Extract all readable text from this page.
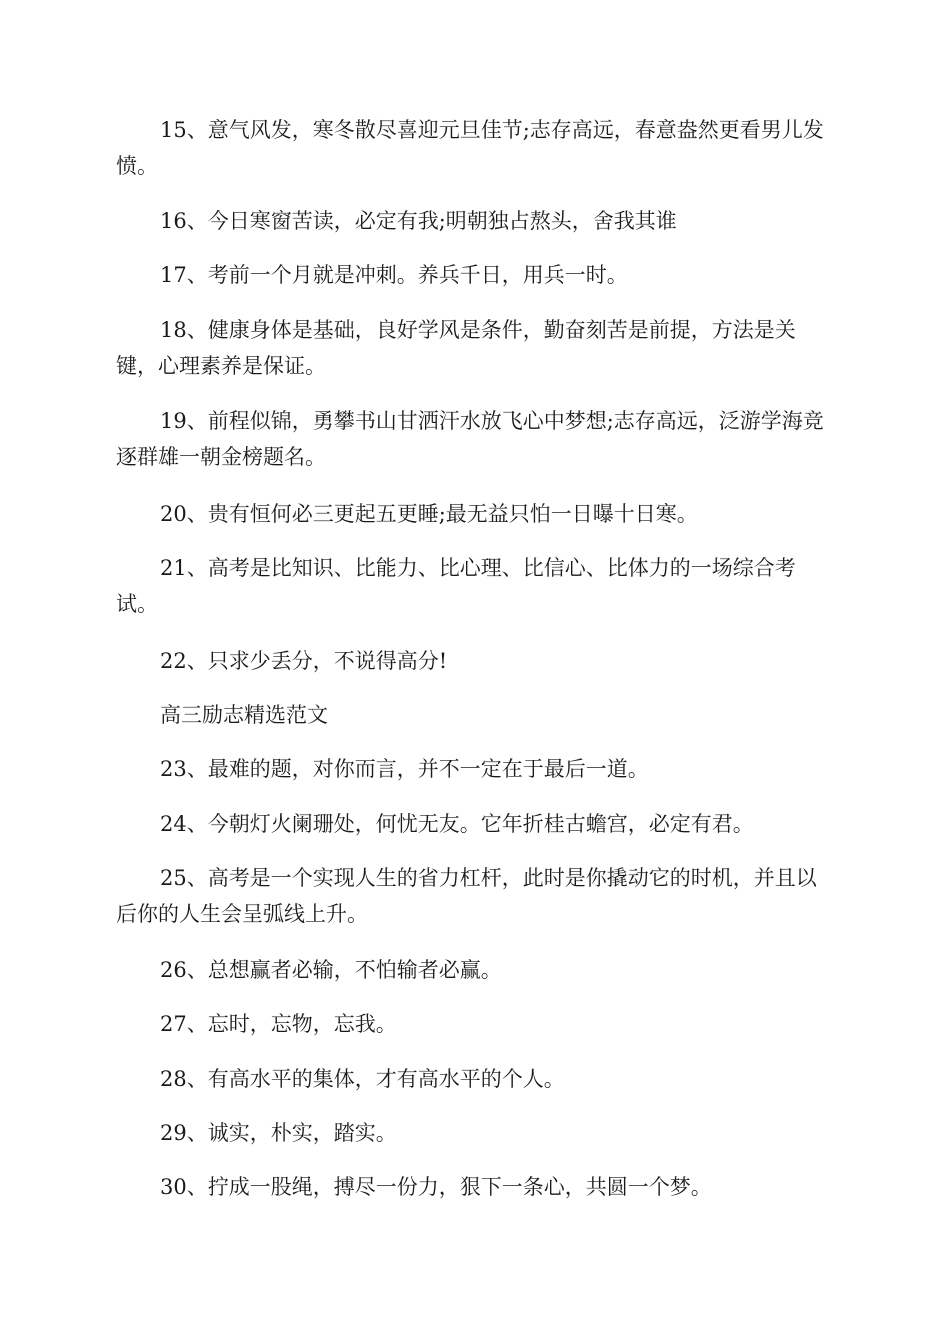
15、意气风发，寒冬散尽喜迎元旦佳节;志存高远，春意盎然更看男儿发愤。

16、今日寒窗苦读，必定有我;明朝独占熬头，舍我其谁

17、考前一个月就是冲刺。养兵千日，用兵一时。

18、健康身体是基础，良好学风是条件，勤奋刻苦是前提，方法是关键，心理素养是保证。

19、前程似锦，勇攀书山甘洒汗水放飞心中梦想;志存高远，泛游学海竞逐群雄一朝金榜题名。

20、贵有恒何必三更起五更睡;最无益只怕一日曝十日寒。

21、高考是比知识、比能力、比心理、比信心、比体力的一场综合考试。

22、只求少丢分，不说得高分!

高三励志精选范文

23、最难的题，对你而言，并不一定在于最后一道。

24、今朝灯火阑珊处，何忧无友。它年折桂古蟾宫，必定有君。

25、高考是一个实现人生的省力杠杆，此时是你撬动它的时机，并且以后你的人生会呈弧线上升。

26、总想赢者必输，不怕输者必赢。

27、忘时，忘物，忘我。

28、有高水平的集体，才有高水平的个人。

29、诚实，朴实，踏实。

30、拧成一股绳，搏尽一份力，狠下一条心，共圆一个梦。
